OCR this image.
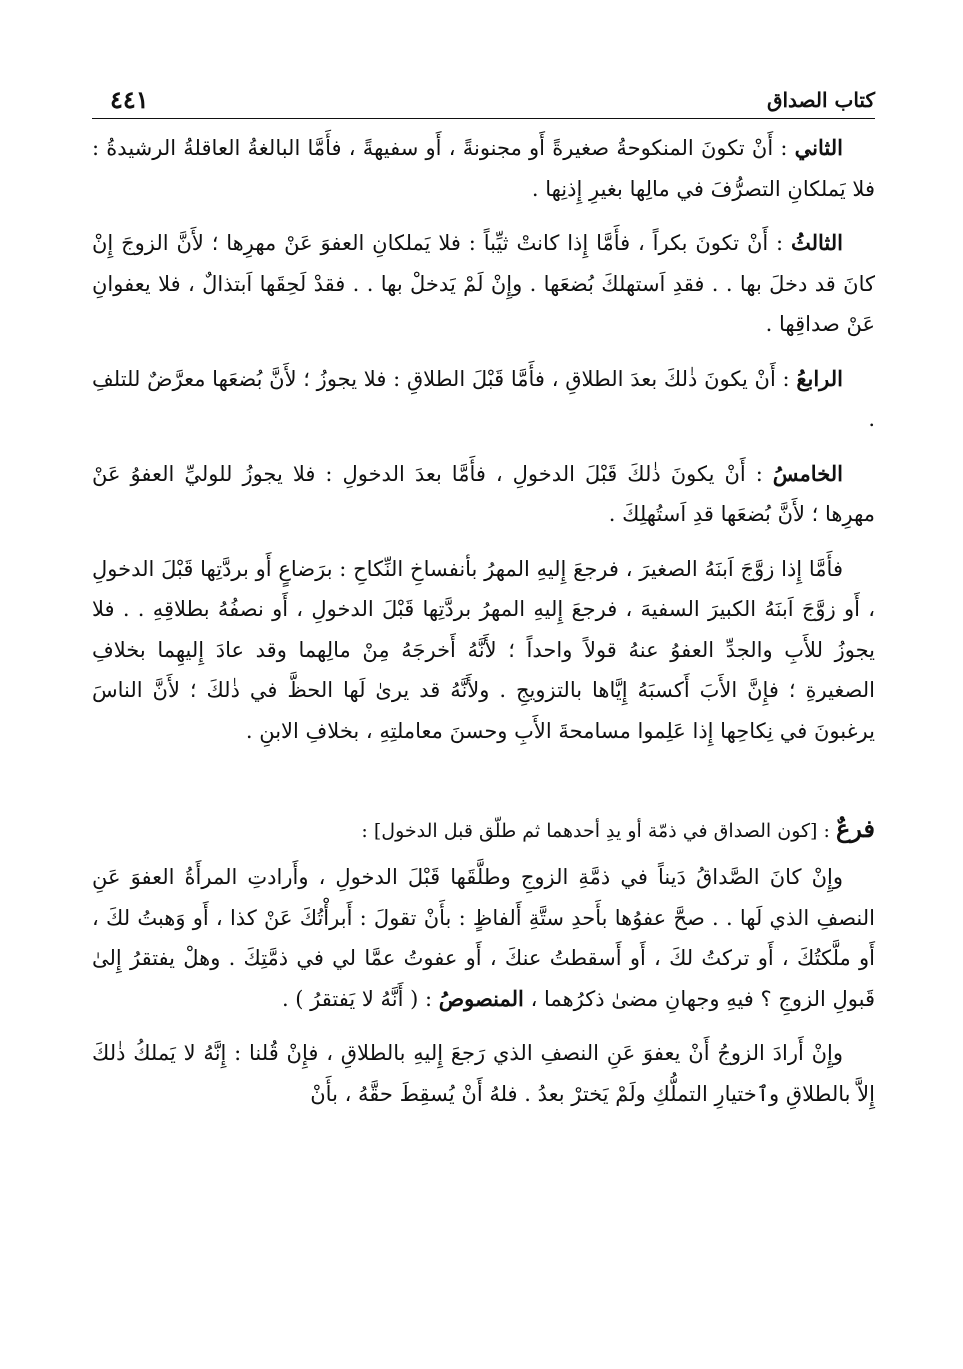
كتاب الصداق
٤٤١

الثاني : أَنْ تكونَ المنكوحةُ صغيرةً أَو مجنونةً ، أَو سفيهةً ، فأَمَّا البالغةُ العاقلةُ الرشيدةُ : فلا يَملكانِ التصرُّفَ في مالِها بغيرِ إِذنِها .

الثالثُ : أَنْ تكونَ بكراً ، فأَمَّا إِذا كانتْ ثيِّباً : فلا يَملكانِ العفوَ عَنْ مهرِها ؛ لأَنَّ الزوجَ إِنْ كانَ قد دخلَ بها . . فقدِ اَستهلكَ بُضعَها . وإِنْ لَمْ يَدخلْ بها . . فقدْ لَحِقَها اَبتذالٌ ، فلا يعفوانِ عَنْ صداقِها .

الرابعُ : أَنْ يكونَ ذٰلكَ بعدَ الطلاقِ ، فأَمَّا قَبْلَ الطلاقِ : فلا يجوزُ ؛ لأَنَّ بُضعَها معرَّضٌ للتلفِ .

الخامسُ : أَنْ يكونَ ذٰلكَ قَبْلَ الدخولِ ، فأَمَّا بعدَ الدخولِ : فلا يجوزُ للوليِّ العفوُ عَنْ مهرِها ؛ لأَنَّ بُضعَها قدِ اَستُهلِكَ .

فأَمَّا إِذا زوَّجَ اَبنَهُ الصغيرَ ، فرجعَ إِليهِ المهرُ بأنفساخِ النِّكاحِ : برَضاعٍ أَو بردَّتِها قَبْلَ الدخولِ ، أَو زوَّجَ اَبنَهُ الكبيرَ السفيهَ ، فرجعَ إِليهِ المهرُ بردَّتِها قَبْلَ الدخولِ ، أَو نصفُهُ بطلاقِهِ . . فلا يجوزُ للأَبِ والجدِّ العفوُ عنهُ قولاً واحداً ؛ لأَنَّهُ أَخرجَهُ مِنْ مالِهما وقد عادَ إِليهِما بخلافِ الصغيرةِ ؛ فإِنَّ الأَبَ أَكسبَهُ إِيَّاها بالتزويجِ . ولأَنَّهُ قد يرىٰ لَها الحظَّ في ذٰلكَ ؛ لأَنَّ الناسَ يرغبونَ في نِكاحِها إِذا عَلِموا مسامحةَ الأَبِ وحسنَ معاملتِهِ ، بخلافِ الابنِ .

فرعٌ : [كون الصداق في ذمّة أو يدِ أحدهما ثم طلّق قبل الدخول] :

وإِنْ كانَ الصَّداقُ دَيناً في ذمَّةِ الزوجِ وطلَّقَها قَبْلَ الدخولِ ، وأَرادتِ المرأَةُ العفوَ عَنِ النصفِ الذي لَها . . صحَّ عفوُها بأَحدِ ستَّةِ أَلفاظٍ : بأَنْ تقولَ : أَبرأْتُكَ عَنْ كذا ، أَو وَهبتُ لكَ ، أَو ملَّكتُكَ ، أَو تركتُ لكَ ، أَو أَسقطتُ عنكَ ، أَو عفوتُ عمَّا لي في ذمَّتِكَ . وهلْ يفتقرُ إِلىٰ قَبولِ الزوجِ ؟ فيهِ وجهانِ مضىٰ ذكرُهما ، المنصوصُ : ( أَنَّهُ لا يَفتقرُ ) .

وإِنْ أَرادَ الزوجُ أَنْ يعفوَ عَنِ النصفِ الذي رَجعَ إِليهِ بالطلاقِ ، فإِنْ قُلنا : إِنَّهُ لا يَملكُ ذٰلكَ إِلاَّ بالطلاقِ وٱختيارِ التملُّكِ ولَمْ يَخترْ بعدُ . فلهُ أَنْ يُسقِطَ حقَّهُ ، بأَنْ
